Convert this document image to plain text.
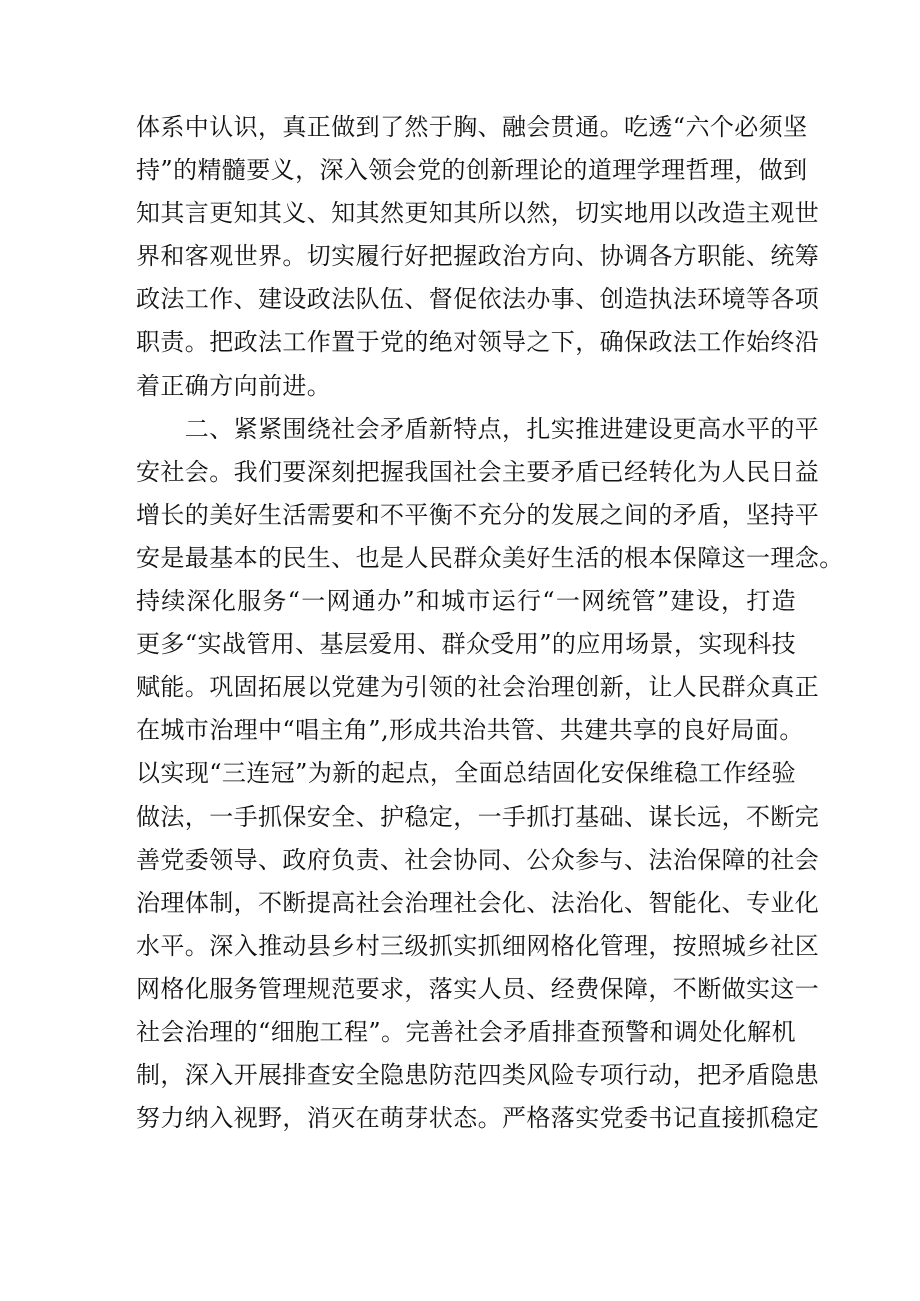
体系中认识，真正做到了然于胸、融会贯通。吃透“六个必须坚
持”的精髓要义，深入领会党的创新理论的道理学理哲理，做到
知其言更知其义、知其然更知其所以然，切实地用以改造主观世
界和客观世界。切实履行好把握政治方向、协调各方职能、统筹
政法工作、建设政法队伍、督促依法办事、创造执法环境等各项
职责。把政法工作置于党的绝对领导之下，确保政法工作始终沿
着正确方向前进。
　　二、紧紧围绕社会矛盾新特点，扎实推进建设更高水平的平
安社会。我们要深刻把握我国社会主要矛盾已经转化为人民日益
增长的美好生活需要和不平衡不充分的发展之间的矛盾，坚持平
安是最基本的民生、也是人民群众美好生活的根本保障这一理念。
持续深化服务“一网通办”和城市运行“一网统管”建设，打造
更多“实战管用、基层爱用、群众受用”的应用场景，实现科技
赋能。巩固拓展以党建为引领的社会治理创新，让人民群众真正
在城市治理中“唱主角”,形成共治共管、共建共享的良好局面。
以实现“三连冠”为新的起点，全面总结固化安保维稳工作经验
做法，一手抓保安全、护稳定，一手抓打基础、谋长远，不断完
善党委领导、政府负责、社会协同、公众参与、法治保障的社会
治理体制，不断提高社会治理社会化、法治化、智能化、专业化
水平。深入推动县乡村三级抓实抓细网格化管理，按照城乡社区
网格化服务管理规范要求，落实人员、经费保障，不断做实这一
社会治理的“细胞工程”。完善社会矛盾排查预警和调处化解机
制，深入开展排查安全隐患防范四类风险专项行动，把矛盾隐患
努力纳入视野，消灭在萌芽状态。严格落实党委书记直接抓稳定
